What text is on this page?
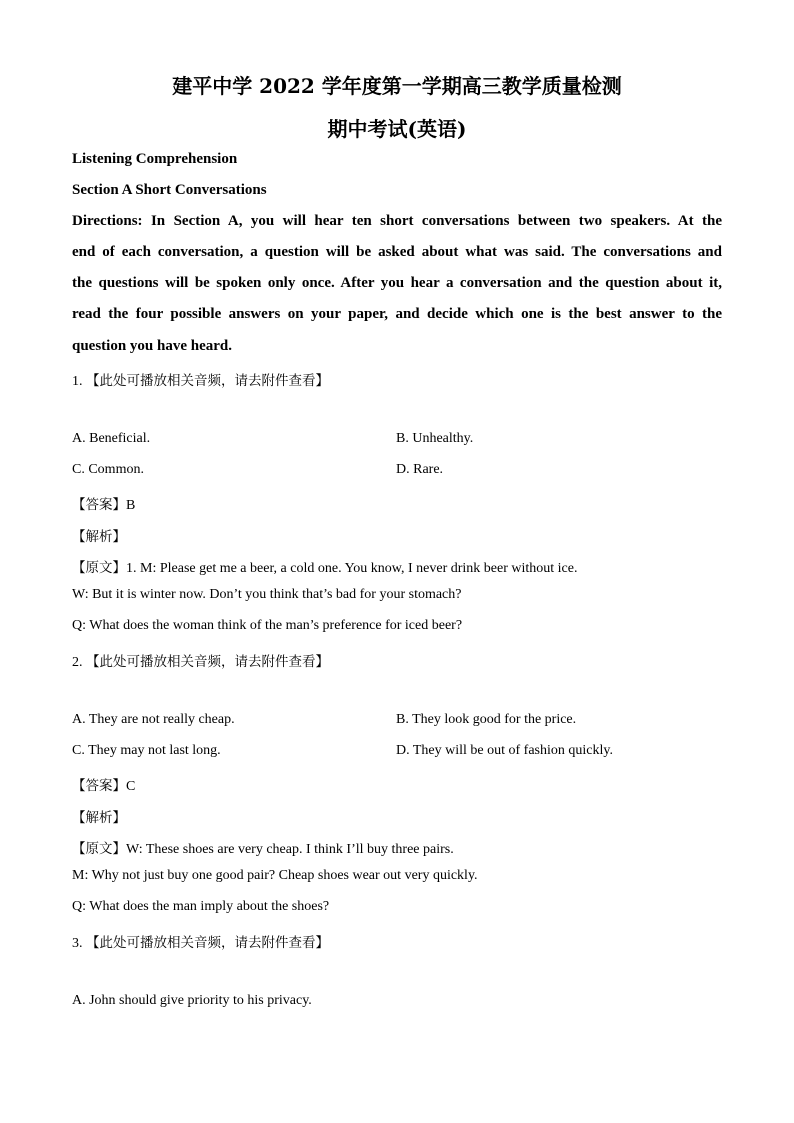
建平中学 2022 学年度第一学期高三教学质量检测
期中考试(英语)
Listening Comprehension
Section A Short Conversations
Directions: In Section A, you will hear ten short conversations between two speakers. At the
end of each conversation, a question will be asked about what was said. The conversations and
the questions will be spoken only once. After you hear a conversation and the question about it,
read the four possible answers on your paper, and decide which one is the best answer to the
question you have heard.
1. 【此处可播放相关音频，请去附件查看】
A. Beneficial.	B. Unhealthy.
C. Common.	D. Rare.
【答案】B
【解析】
【原文】1. M: Please get me a beer, a cold one. You know, I never drink beer without ice.
W: But it is winter now. Don’t you think that’s bad for your stomach?
Q: What does the woman think of the man’s preference for iced beer?
2. 【此处可播放相关音频，请去附件查看】
A. They are not really cheap.	B. They look good for the price.
C. They may not last long.	D. They will be out of fashion quickly.
【答案】C
【解析】
【原文】W: These shoes are very cheap. I think I’ll buy three pairs.
M: Why not just buy one good pair? Cheap shoes wear out very quickly.
Q: What does the man imply about the shoes?
3. 【此处可播放相关音频，请去附件查看】
A. John should give priority to his privacy.
